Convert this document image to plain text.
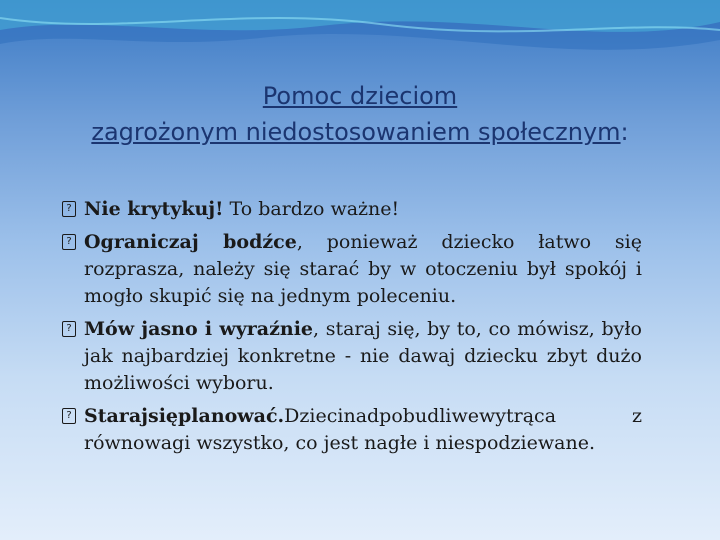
Pomoc dzieciom
zagrożonym niedostosowaniem społecznym:
? Nie krytykuj! To bardzo ważne!
? Ograniczaj bodźce, ponieważ dziecko łatwo się rozprasza, należy się starać by w otoczeniu był spokój i mogło skupić się na jednym poleceniu.
? Mów jasno i wyraźnie, staraj się, by to, co mówisz, było jak najbardziej konkretne - nie dawaj dziecku zbyt dużo możliwości wyboru.
? Starajsięplanować.Dziecinadpobudliwewytrąca z równowagi wszystko, co jest nagłe i niespodziewane.
